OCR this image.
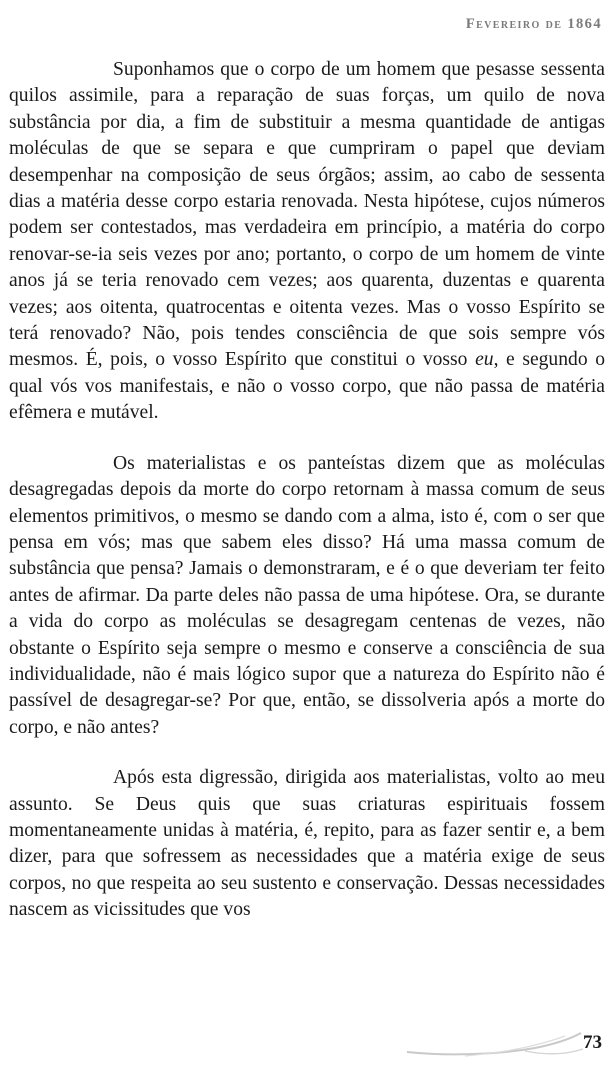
Fevereiro de 1864

Suponhamos que o corpo de um homem que pesasse sessenta quilos assimile, para a reparação de suas forças, um quilo de nova substância por dia, a fim de substituir a mesma quantidade de antigas moléculas de que se separa e que cumpriram o papel que deviam desempenhar na composição de seus órgãos; assim, ao cabo de sessenta dias a matéria desse corpo estaria renovada. Nesta hipótese, cujos números podem ser contestados, mas verdadeira em princípio, a matéria do corpo renovar-se-ia seis vezes por ano; portanto, o corpo de um homem de vinte anos já se teria renovado cem vezes; aos quarenta, duzentas e quarenta vezes; aos oitenta, quatrocentas e oitenta vezes. Mas o vosso Espírito se terá renovado? Não, pois tendes consciência de que sois sempre vós mesmos. É, pois, o vosso Espírito que constitui o vosso eu, e segundo o qual vós vos manifestais, e não o vosso corpo, que não passa de matéria efêmera e mutável.

Os materialistas e os panteístas dizem que as moléculas desagregadas depois da morte do corpo retornam à massa comum de seus elementos primitivos, o mesmo se dando com a alma, isto é, com o ser que pensa em vós; mas que sabem eles disso? Há uma massa comum de substância que pensa? Jamais o demonstraram, e é o que deveriam ter feito antes de afirmar. Da parte deles não passa de uma hipótese. Ora, se durante a vida do corpo as moléculas se desagregam centenas de vezes, não obstante o Espírito seja sempre o mesmo e conserve a consciência de sua individualidade, não é mais lógico supor que a natureza do Espírito não é passível de desagregar-se? Por que, então, se dissolveria após a morte do corpo, e não antes?

Após esta digressão, dirigida aos materialistas, volto ao meu assunto. Se Deus quis que suas criaturas espirituais fossem momentaneamente unidas à matéria, é, repito, para as fazer sentir e, a bem dizer, para que sofressem as necessidades que a matéria exige de seus corpos, no que respeita ao seu sustento e conservação. Dessas necessidades nascem as vicissitudes que vos

73
